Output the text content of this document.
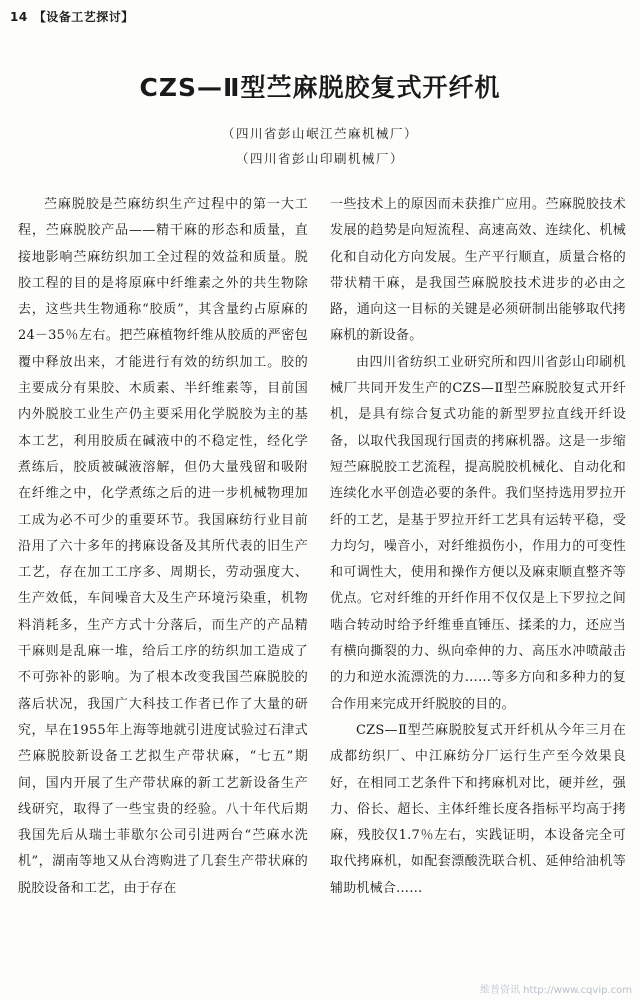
14 【设备工艺探讨】
CZS—Ⅱ型苎麻脱胶复式开纤机
（四川省彭山岷江苎麻机械厂）
（四川省彭山印刷机械厂）

苎麻脱胶是苎麻纺织生产过程中的第一大工程，苎麻脱胶产品——精干麻的形态和质量，直接地影响苎麻纺织加工全过程的效益和质量。脱胶工程的目的是将原麻中纤维素之外的共生物除去，这些共生物通称“胶质”，其含量约占原麻的24－35％左右。把苎麻植物纤维从胶质的严密包覆中释放出来，才能进行有效的纺织加工。胶的主要成分有果胶、木质素、半纤维素等，目前国内外脱胶工业生产仍主要采用化学脱胶为主的基本工艺，利用胶质在碱液中的不稳定性，经化学煮练后，胶质被碱液溶解，但仍大量残留和吸附在纤维之中，化学煮练之后的进一步机械物理加工成为必不可少的重要环节。我国麻纺行业目前沿用了六十多年的拷麻设备及其所代表的旧生产工艺，存在加工工序多、周期长，劳动强度大、生产效低，车间噪音大及生产环境污染重，机物料消耗多，生产方式十分落后，而生产的产品精干麻则是乱麻一堆，给后工序的纺织加工造成了不可弥补的影响。为了根本改变我国苎麻脱胶的落后状况，我国广大科技工作者已作了大量的研究，早在1955年上海等地就引进度试验过石津式苎麻脱胶新设备工艺拟生产带状麻，“七五”期间，国内开展了生产带状麻的新工艺新设备生产线研究，取得了一些宝贵的经验。八十年代后期我国先后从瑞士菲歇尔公司引进两台“苎麻水洗机”，湖南等地又从台湾购进了几套生产带状麻的脱胶设备和工艺，由于存在

一些技术上的原因而未获推广应用。苎麻脱胶技术发展的趋势是向短流程、高速高效、连续化、机械化和自动化方向发展。生产平行顺直，质量合格的带状精干麻，是我国苎麻脱胶技术进步的必由之路，通向这一目标的关键是必须研制出能够取代拷麻机的新设备。

由四川省纺织工业研究所和四川省彭山印刷机械厂共同开发生产的CZS—Ⅱ型苎麻脱胶复式开纤机，是具有综合复式功能的新型罗拉直线开纤设备，以取代我国现行国责的拷麻机器。这是一步缩短苎麻脱胶工艺流程，提高脱胶机械化、自动化和连续化水平创造必要的条件。我们坚持选用罗拉开纤的工艺，是基于罗拉开纤工艺具有运转平稳，受力均匀，噪音小，对纤维损伤小，作用力的可变性和可调性大，使用和操作方便以及麻束顺直整齐等优点。它对纤维的开纤作用不仅仅是上下罗拉之间啮合转动时给予纤维垂直锤压、揉柔的力，还应当有横向撕裂的力、纵向牵伸的力、高压水冲喷敲击的力和逆水流漂洗的力……等多方向和多种力的复合作用来完成开纤脱胶的目的。

CZS—Ⅱ型苎麻脱胶复式开纤机从今年三月在成都纺织厂、中江麻纺分厂运行生产至今效果良好，在相同工艺条件下和拷麻机对比，硬并丝，强力、俗长、超长、主体纤维长度各指标平均高于拷麻，残胶仅1.7％左右，实践证明，本设备完全可取代拷麻机，如配套漂酸洗联合机、延伸给油机等辅助机械合……

维普资讯 http://www.cqvip.com
